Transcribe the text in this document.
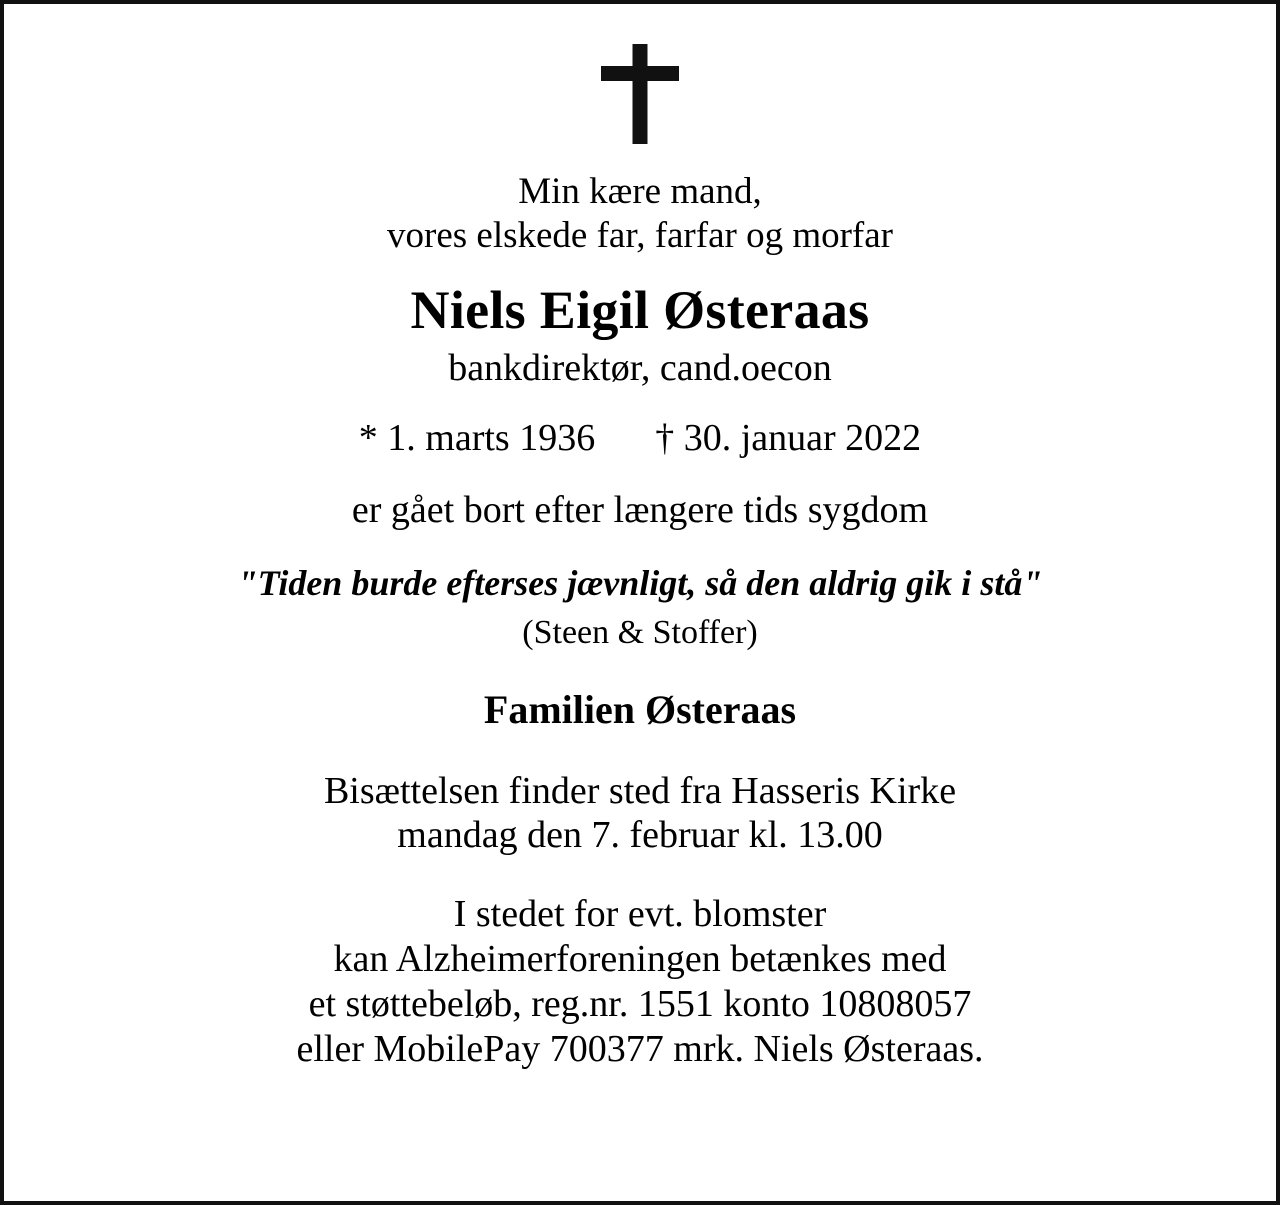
Min kære mand,
vores elskede far, farfar og morfar
Niels Eigil Østeraas
bankdirektør, cand.oecon
* 1. marts 1936 † 30. januar 2022
er gået bort efter længere tids sygdom
"Tiden burde efterses jævnligt, så den aldrig gik i stå"
(Steen & Stoffer)
Familien Østeraas
Bisættelsen finder sted fra Hasseris Kirke
mandag den 7. februar kl. 13.00
I stedet for evt. blomster
kan Alzheimerforeningen betænkes med
et støttebeløb, reg.nr. 1551 konto 10808057
eller MobilePay 700377 mrk. Niels Østeraas.
